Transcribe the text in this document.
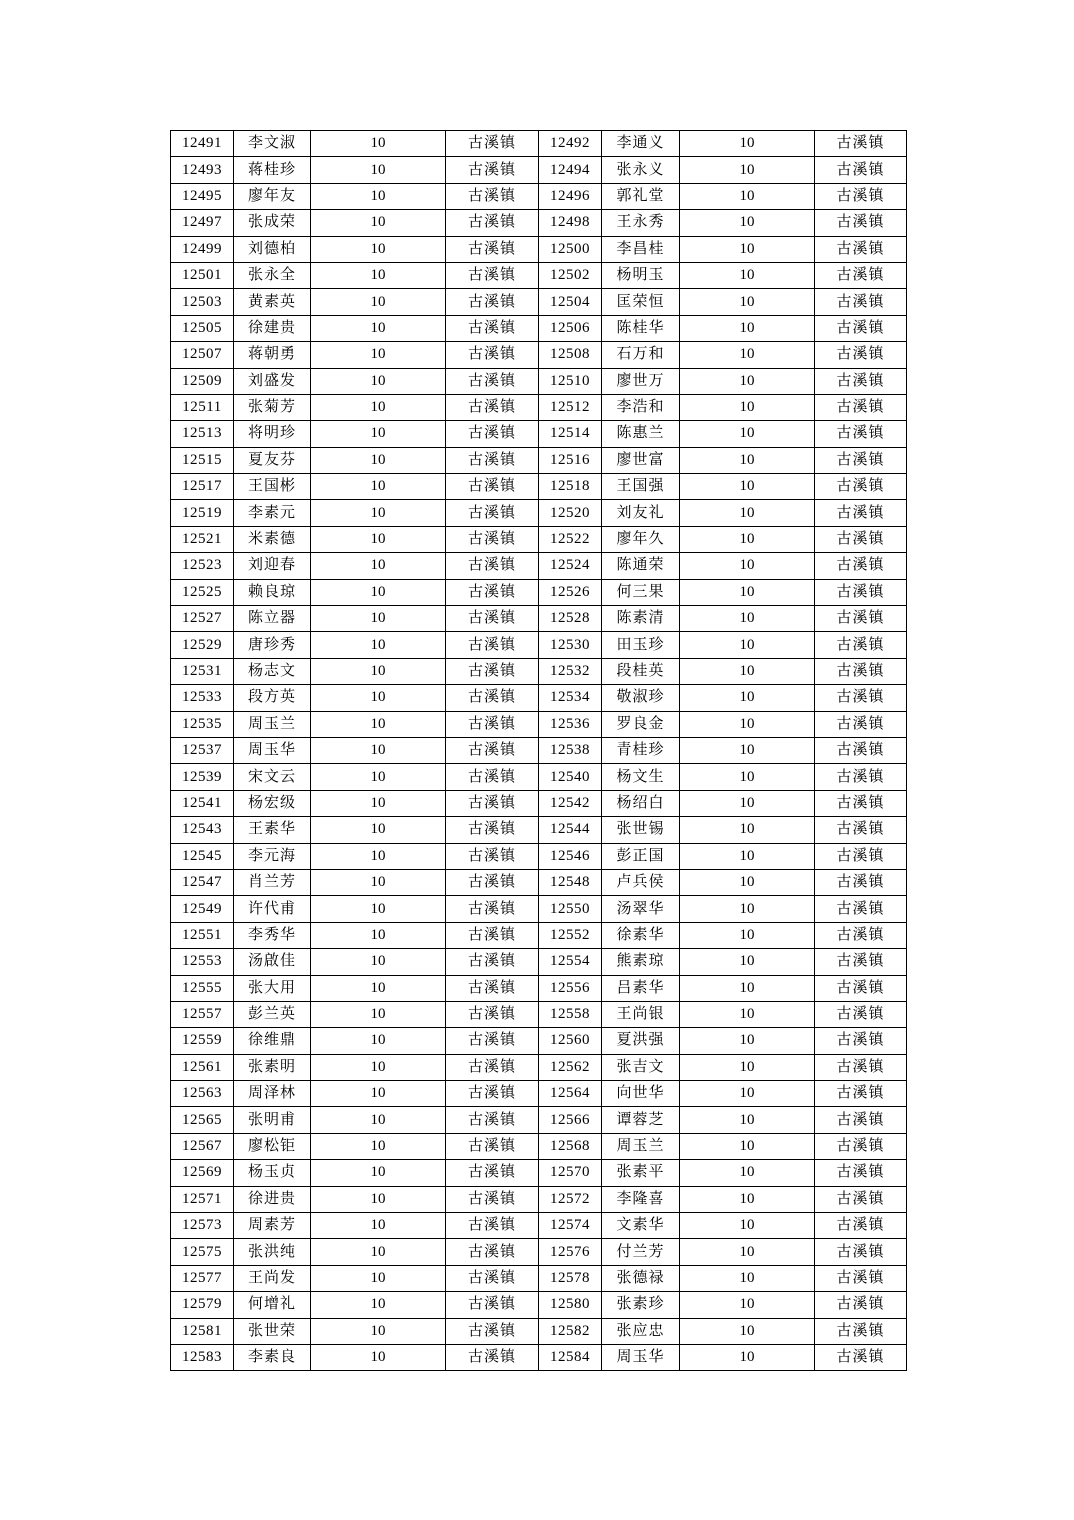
12491	李文淑	10	古溪镇	12492	李通义	10	古溪镇
12493	蒋桂珍	10	古溪镇	12494	张永义	10	古溪镇
12495	廖年友	10	古溪镇	12496	郭礼堂	10	古溪镇
12497	张成荣	10	古溪镇	12498	王永秀	10	古溪镇
12499	刘德柏	10	古溪镇	12500	李昌桂	10	古溪镇
12501	张永全	10	古溪镇	12502	杨明玉	10	古溪镇
12503	黄素英	10	古溪镇	12504	匡荣恒	10	古溪镇
12505	徐建贵	10	古溪镇	12506	陈桂华	10	古溪镇
12507	蒋朝勇	10	古溪镇	12508	石万和	10	古溪镇
12509	刘盛发	10	古溪镇	12510	廖世万	10	古溪镇
12511	张菊芳	10	古溪镇	12512	李浩和	10	古溪镇
12513	将明珍	10	古溪镇	12514	陈惠兰	10	古溪镇
12515	夏友芬	10	古溪镇	12516	廖世富	10	古溪镇
12517	王国彬	10	古溪镇	12518	王国强	10	古溪镇
12519	李素元	10	古溪镇	12520	刘友礼	10	古溪镇
12521	米素德	10	古溪镇	12522	廖年久	10	古溪镇
12523	刘迎春	10	古溪镇	12524	陈通荣	10	古溪镇
12525	赖良琼	10	古溪镇	12526	何三果	10	古溪镇
12527	陈立器	10	古溪镇	12528	陈素清	10	古溪镇
12529	唐珍秀	10	古溪镇	12530	田玉珍	10	古溪镇
12531	杨志文	10	古溪镇	12532	段桂英	10	古溪镇
12533	段方英	10	古溪镇	12534	敬淑珍	10	古溪镇
12535	周玉兰	10	古溪镇	12536	罗良金	10	古溪镇
12537	周玉华	10	古溪镇	12538	青桂珍	10	古溪镇
12539	宋文云	10	古溪镇	12540	杨文生	10	古溪镇
12541	杨宏级	10	古溪镇	12542	杨绍白	10	古溪镇
12543	王素华	10	古溪镇	12544	张世锡	10	古溪镇
12545	李元海	10	古溪镇	12546	彭正国	10	古溪镇
12547	肖兰芳	10	古溪镇	12548	卢兵侯	10	古溪镇
12549	许代甫	10	古溪镇	12550	汤翠华	10	古溪镇
12551	李秀华	10	古溪镇	12552	徐素华	10	古溪镇
12553	汤啟佳	10	古溪镇	12554	熊素琼	10	古溪镇
12555	张大用	10	古溪镇	12556	吕素华	10	古溪镇
12557	彭兰英	10	古溪镇	12558	王尚银	10	古溪镇
12559	徐维鼎	10	古溪镇	12560	夏洪强	10	古溪镇
12561	张素明	10	古溪镇	12562	张吉文	10	古溪镇
12563	周泽林	10	古溪镇	12564	向世华	10	古溪镇
12565	张明甫	10	古溪镇	12566	谭蓉芝	10	古溪镇
12567	廖松钜	10	古溪镇	12568	周玉兰	10	古溪镇
12569	杨玉贞	10	古溪镇	12570	张素平	10	古溪镇
12571	徐进贵	10	古溪镇	12572	李隆喜	10	古溪镇
12573	周素芳	10	古溪镇	12574	文素华	10	古溪镇
12575	张洪纯	10	古溪镇	12576	付兰芳	10	古溪镇
12577	王尚发	10	古溪镇	12578	张德禄	10	古溪镇
12579	何增礼	10	古溪镇	12580	张素珍	10	古溪镇
12581	张世荣	10	古溪镇	12582	张应忠	10	古溪镇
12583	李素良	10	古溪镇	12584	周玉华	10	古溪镇
